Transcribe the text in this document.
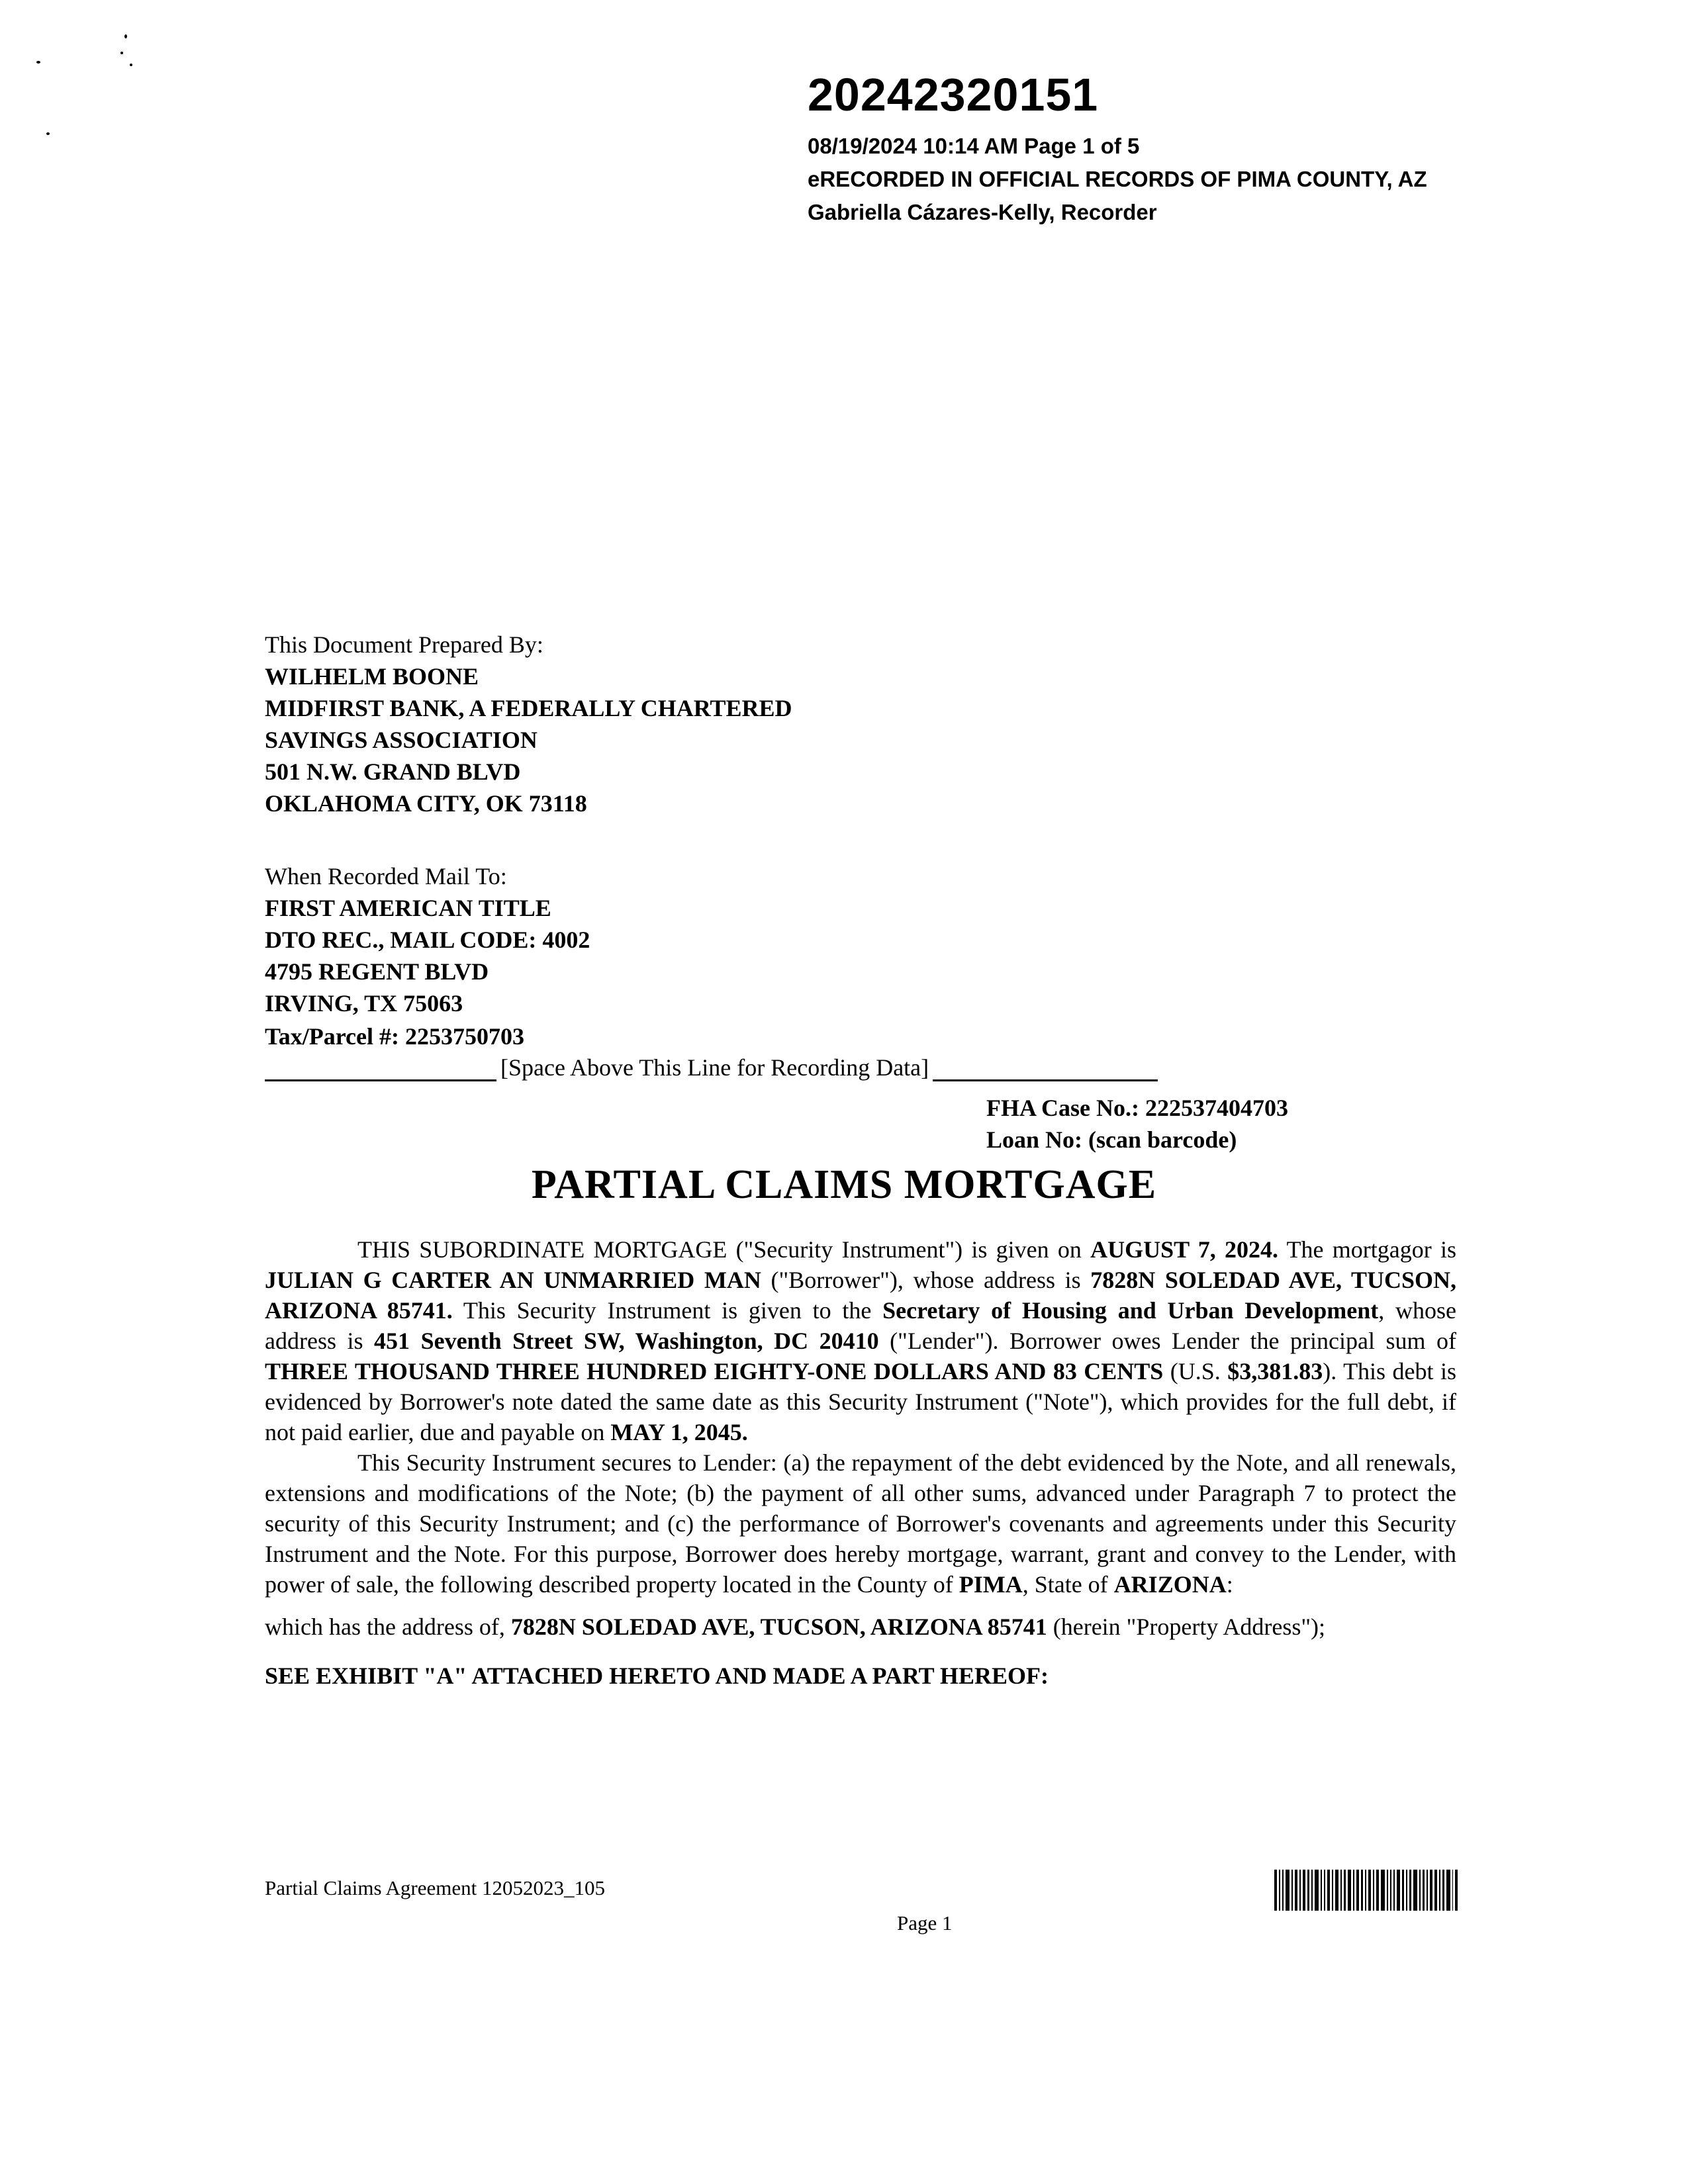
20242320151
08/19/2024 10:14 AM Page 1 of 5
eRECORDED IN OFFICIAL RECORDS OF PIMA COUNTY, AZ
Gabriella Cázares-Kelly, Recorder
This Document Prepared By:
WILHELM BOONE
MIDFIRST BANK, A FEDERALLY CHARTERED
SAVINGS ASSOCIATION
501 N.W. GRAND BLVD
OKLAHOMA CITY, OK 73118
When Recorded Mail To:
FIRST AMERICAN TITLE
DTO REC., MAIL CODE: 4002
4795 REGENT BLVD
IRVING, TX 75063
Tax/Parcel #: 2253750703
[Space Above This Line for Recording Data]
FHA Case No.: 222537404703
Loan No: (scan barcode)
PARTIAL CLAIMS MORTGAGE

THIS SUBORDINATE MORTGAGE ("Security Instrument") is given on AUGUST 7, 2024. The mortgagor is JULIAN G CARTER AN UNMARRIED MAN ("Borrower"), whose address is 7828N SOLEDAD AVE, TUCSON, ARIZONA 85741. This Security Instrument is given to the Secretary of Housing and Urban Development, whose address is 451 Seventh Street SW, Washington, DC 20410 ("Lender"). Borrower owes Lender the principal sum of THREE THOUSAND THREE HUNDRED EIGHTY-ONE DOLLARS AND 83 CENTS (U.S. $3,381.83). This debt is evidenced by Borrower's note dated the same date as this Security Instrument ("Note"), which provides for the full debt, if not paid earlier, due and payable on MAY 1, 2045.

This Security Instrument secures to Lender: (a) the repayment of the debt evidenced by the Note, and all renewals, extensions and modifications of the Note; (b) the payment of all other sums, advanced under Paragraph 7 to protect the security of this Security Instrument; and (c) the performance of Borrower's covenants and agreements under this Security Instrument and the Note. For this purpose, Borrower does hereby mortgage, warrant, grant and convey to the Lender, with power of sale, the following described property located in the County of PIMA, State of ARIZONA:

which has the address of, 7828N SOLEDAD AVE, TUCSON, ARIZONA 85741 (herein "Property Address");

SEE EXHIBIT "A" ATTACHED HERETO AND MADE A PART HEREOF:

Partial Claims Agreement 12052023_105
Page 1
